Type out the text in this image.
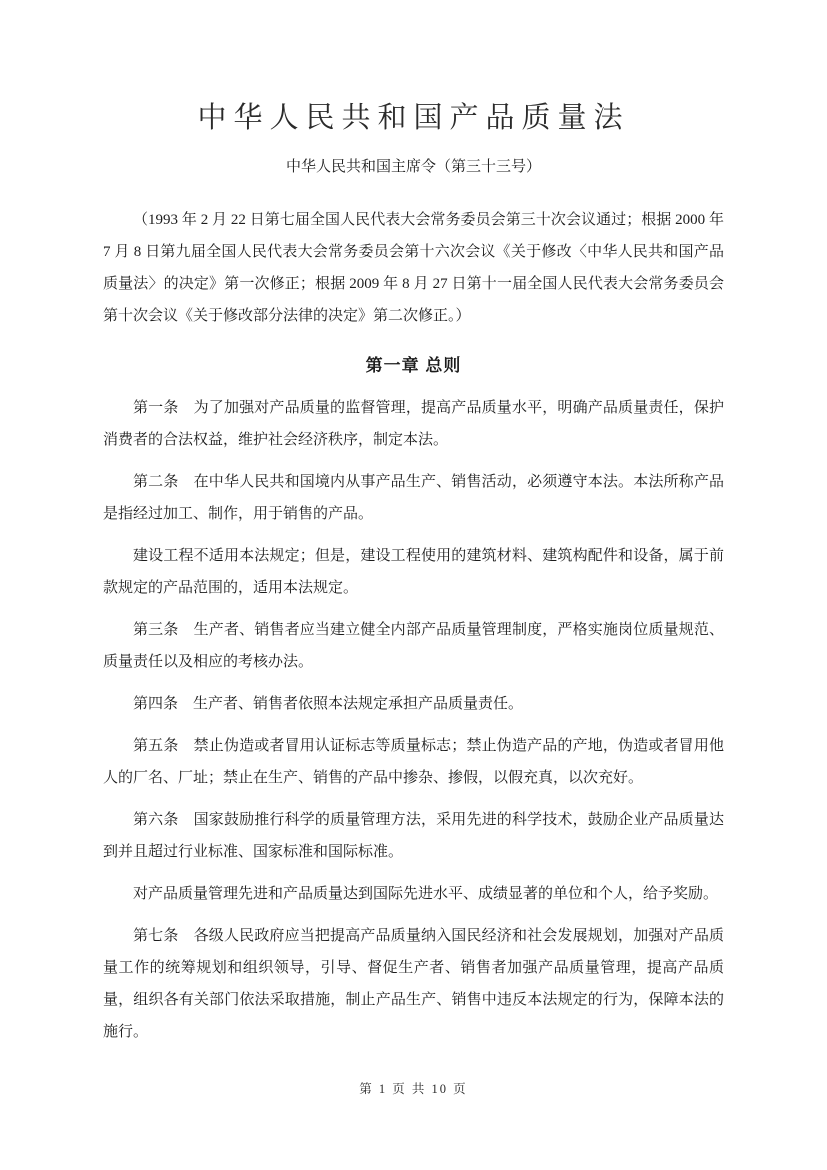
中华人民共和国产品质量法
中华人民共和国主席令（第三十三号）

（1993 年 2 月 22 日第七届全国人民代表大会常务委员会第三十次会议通过；根据 2000 年 7 月 8 日第九届全国人民代表大会常务委员会第十六次会议《关于修改〈中华人民共和国产品质量法〉的决定》第一次修正；根据 2009 年 8 月 27 日第十一届全国人民代表大会常务委员会第十次会议《关于修改部分法律的决定》第二次修正。）

第一章 总则

第一条　为了加强对产品质量的监督管理，提高产品质量水平，明确产品质量责任，保护消费者的合法权益，维护社会经济秩序，制定本法。

第二条　在中华人民共和国境内从事产品生产、销售活动，必须遵守本法。本法所称产品是指经过加工、制作，用于销售的产品。

建设工程不适用本法规定；但是，建设工程使用的建筑材料、建筑构配件和设备，属于前款规定的产品范围的，适用本法规定。

第三条　生产者、销售者应当建立健全内部产品质量管理制度，严格实施岗位质量规范、质量责任以及相应的考核办法。

第四条　生产者、销售者依照本法规定承担产品质量责任。

第五条　禁止伪造或者冒用认证标志等质量标志；禁止伪造产品的产地，伪造或者冒用他人的厂名、厂址；禁止在生产、销售的产品中掺杂、掺假，以假充真，以次充好。

第六条　国家鼓励推行科学的质量管理方法，采用先进的科学技术，鼓励企业产品质量达到并且超过行业标准、国家标准和国际标准。

对产品质量管理先进和产品质量达到国际先进水平、成绩显著的单位和个人，给予奖励。

第七条　各级人民政府应当把提高产品质量纳入国民经济和社会发展规划，加强对产品质量工作的统筹规划和组织领导，引导、督促生产者、销售者加强产品质量管理，提高产品质量，组织各有关部门依法采取措施，制止产品生产、销售中违反本法规定的行为，保障本法的施行。

第 1 页 共 10 页
